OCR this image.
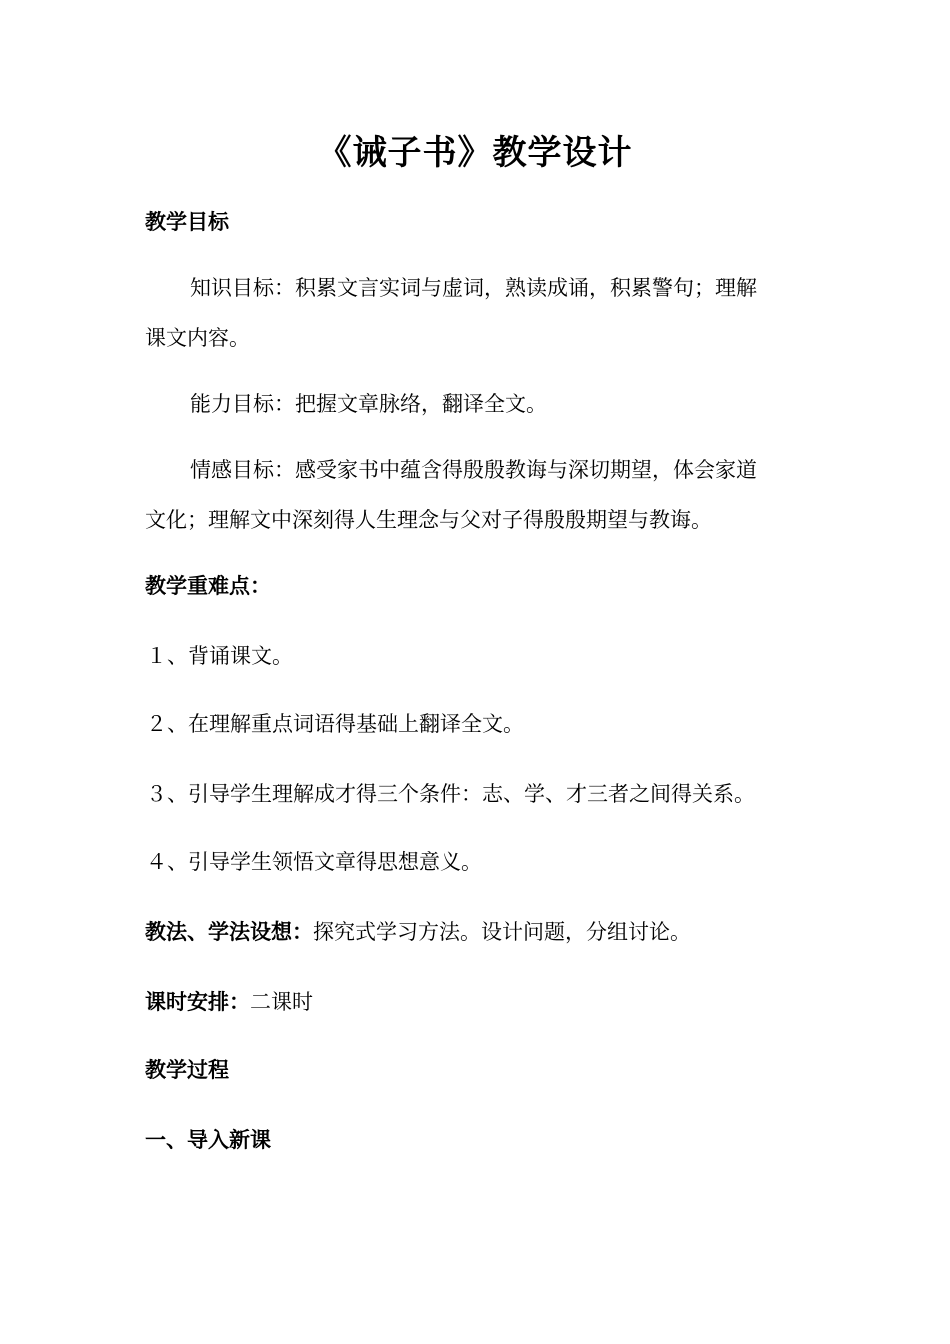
《诫子书》教学设计
教学目标
知识目标：积累文言实词与虚词，熟读成诵，积累警句；理解
课文内容。
能力目标：把握文章脉络，翻译全文。
情感目标：感受家书中蕴含得殷殷教诲与深切期望，体会家道
文化；理解文中深刻得人生理念与父对子得殷殷期望与教诲。
教学重难点：
１、背诵课文。
２、在理解重点词语得基础上翻译全文。
３、引导学生理解成才得三个条件：志、学、才三者之间得关系。
４、引导学生领悟文章得思想意义。
教法、学法设想：探究式学习方法。设计问题，分组讨论。
课时安排：二课时
教学过程
一、导入新课
